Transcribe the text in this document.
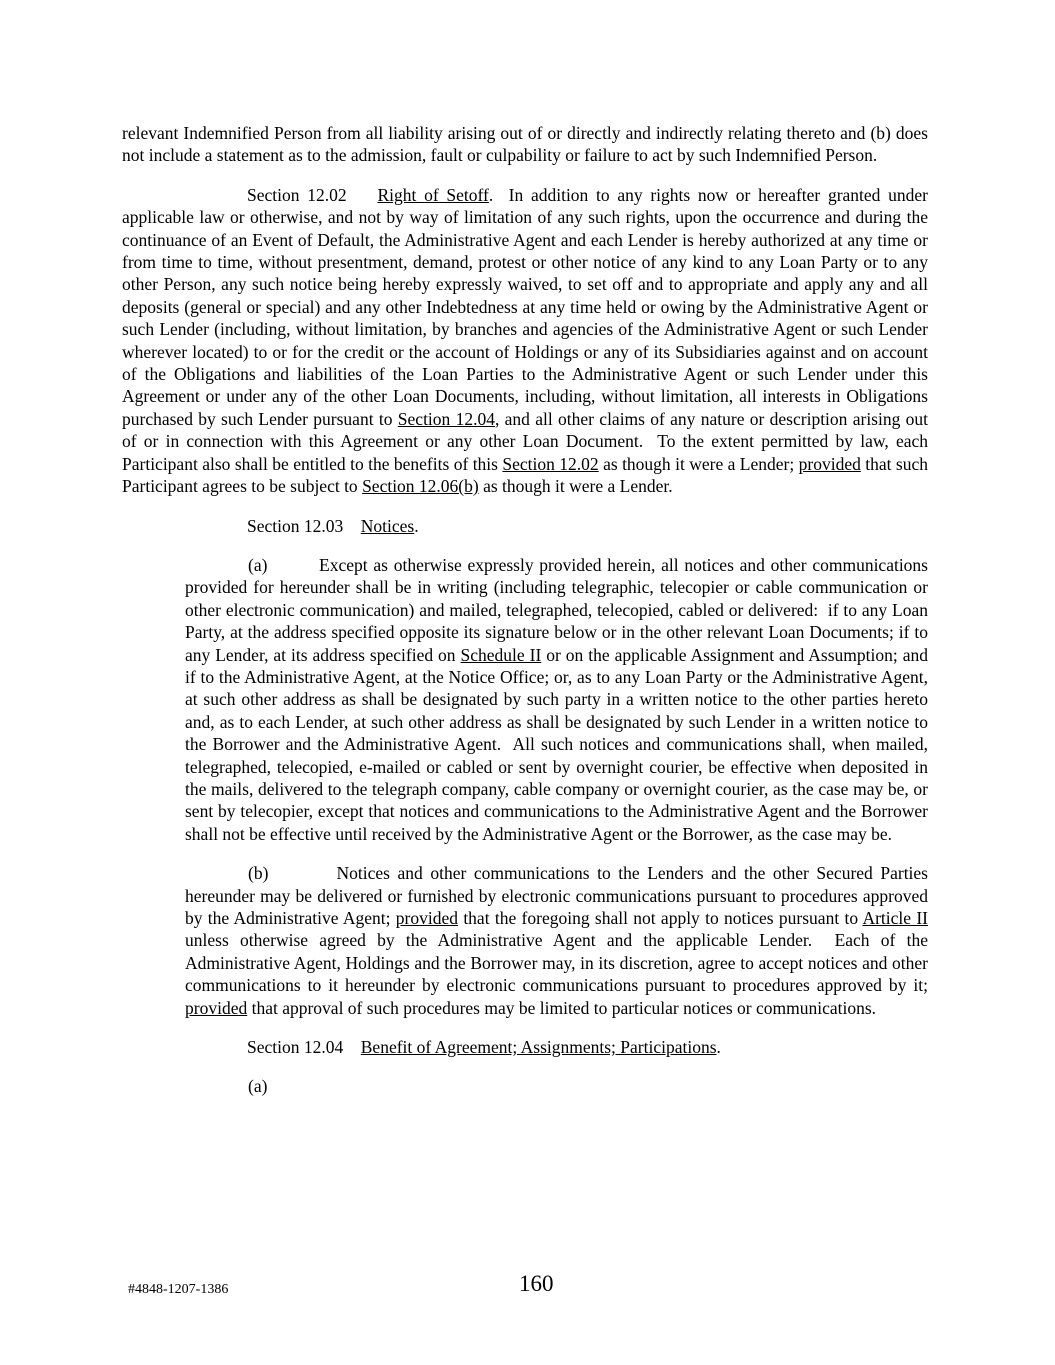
relevant Indemnified Person from all liability arising out of or directly and indirectly relating thereto and (b) does not include a statement as to the admission, fault or culpability or failure to act by such Indemnified Person.

Section 12.02    Right of Setoff.  In addition to any rights now or hereafter granted under applicable law or otherwise, and not by way of limitation of any such rights, upon the occurrence and during the continuance of an Event of Default, the Administrative Agent and each Lender is hereby authorized at any time or from time to time, without presentment, demand, protest or other notice of any kind to any Loan Party or to any other Person, any such notice being hereby expressly waived, to set off and to appropriate and apply any and all deposits (general or special) and any other Indebtedness at any time held or owing by the Administrative Agent or such Lender (including, without limitation, by branches and agencies of the Administrative Agent or such Lender wherever located) to or for the credit or the account of Holdings or any of its Subsidiaries against and on account of the Obligations and liabilities of the Loan Parties to the Administrative Agent or such Lender under this Agreement or under any of the other Loan Documents, including, without limitation, all interests in Obligations purchased by such Lender pursuant to Section 12.04, and all other claims of any nature or description arising out of or in connection with this Agreement or any other Loan Document.  To the extent permitted by law, each Participant also shall be entitled to the benefits of this Section 12.02 as though it were a Lender; provided that such Participant agrees to be subject to Section 12.06(b) as though it were a Lender.

Section 12.03    Notices.

(a)         Except as otherwise expressly provided herein, all notices and other communications provided for hereunder shall be in writing (including telegraphic, telecopier or cable communication or other electronic communication) and mailed, telegraphed, telecopied, cabled or delivered:  if to any Loan Party, at the address specified opposite its signature below or in the other relevant Loan Documents; if to any Lender, at its address specified on Schedule II or on the applicable Assignment and Assumption; and if to the Administrative Agent, at the Notice Office; or, as to any Loan Party or the Administrative Agent, at such other address as shall be designated by such party in a written notice to the other parties hereto and, as to each Lender, at such other address as shall be designated by such Lender in a written notice to the Borrower and the Administrative Agent.  All such notices and communications shall, when mailed, telegraphed, telecopied, e-mailed or cabled or sent by overnight courier, be effective when deposited in the mails, delivered to the telegraph company, cable company or overnight courier, as the case may be, or sent by telecopier, except that notices and communications to the Administrative Agent and the Borrower shall not be effective until received by the Administrative Agent or the Borrower, as the case may be.

(b)         Notices and other communications to the Lenders and the other Secured Parties hereunder may be delivered or furnished by electronic communications pursuant to procedures approved by the Administrative Agent; provided that the foregoing shall not apply to notices pursuant to Article II unless otherwise agreed by the Administrative Agent and the applicable Lender.  Each of the Administrative Agent, Holdings and the Borrower may, in its discretion, agree to accept notices and other communications to it hereunder by electronic communications pursuant to procedures approved by it; provided that approval of such procedures may be limited to particular notices or communications.

Section 12.04    Benefit of Agreement; Assignments; Participations.

(a)

#4848-1207-1386	160
